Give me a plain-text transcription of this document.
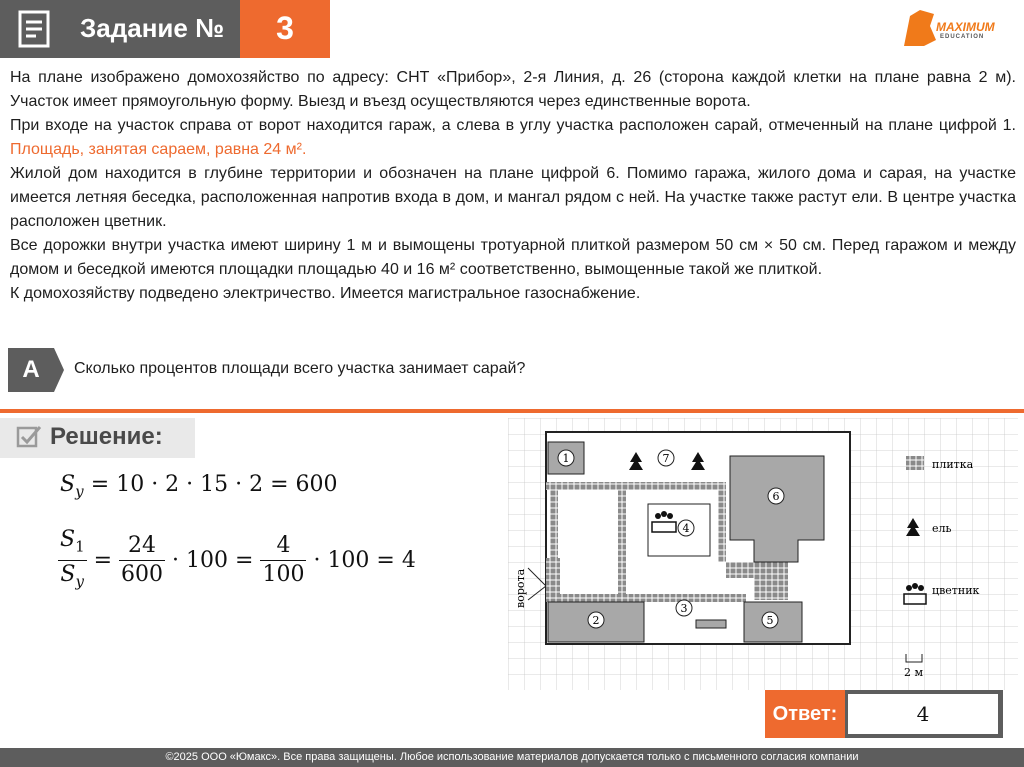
Задание №	3	MAXIMUM
EDUCATION

На плане изображено домохозяйство по адресу: СНТ «Прибор», 2-я Линия, д. 26 (сторона каждой клетки на плане равна 2 м). Участок имеет прямоугольную форму. Выезд и въезд осуществляются через единственные ворота.

При входе на участок справа от ворот находится гараж, а слева в углу участка расположен сарай, отмеченный на плане цифрой 1. Площадь, занятая сараем, равна 24 м².

Жилой дом находится в глубине территории и обозначен на плане цифрой 6. Помимо гаража, жилого дома и сарая, на участке имеется летняя беседка, расположенная напротив входа в дом, и мангал рядом с ней. На участке также растут ели. В центре участка расположен цветник.

Все дорожки внутри участка имеют ширину 1 м и вымощены тротуарной плиткой размером 50 см × 50 см. Перед гаражом и между домом и беседкой имеются площадки площадью 40 и 16 м² соответственно, вымощенные такой же плиткой.

К домохозяйству подведено электричество. Имеется магистральное газоснабжение.

А	Сколько процентов площади всего участка занимает сарай?
Решение:
$S_у = 10 \cdot 2 \cdot 15 \cdot 2 = 600$
$\frac{S_1}{S_у} = \frac{24}{600} \cdot 100 = \frac{4}{100} \cdot 100 = 4$
1
2
3
4
5
6
7
ворота
плитка
ель
цветник
2 м
Ответ:	4
©2025 ООО «Юмакс». Все права защищены. Любое использование материалов допускается только с письменного согласия компании
